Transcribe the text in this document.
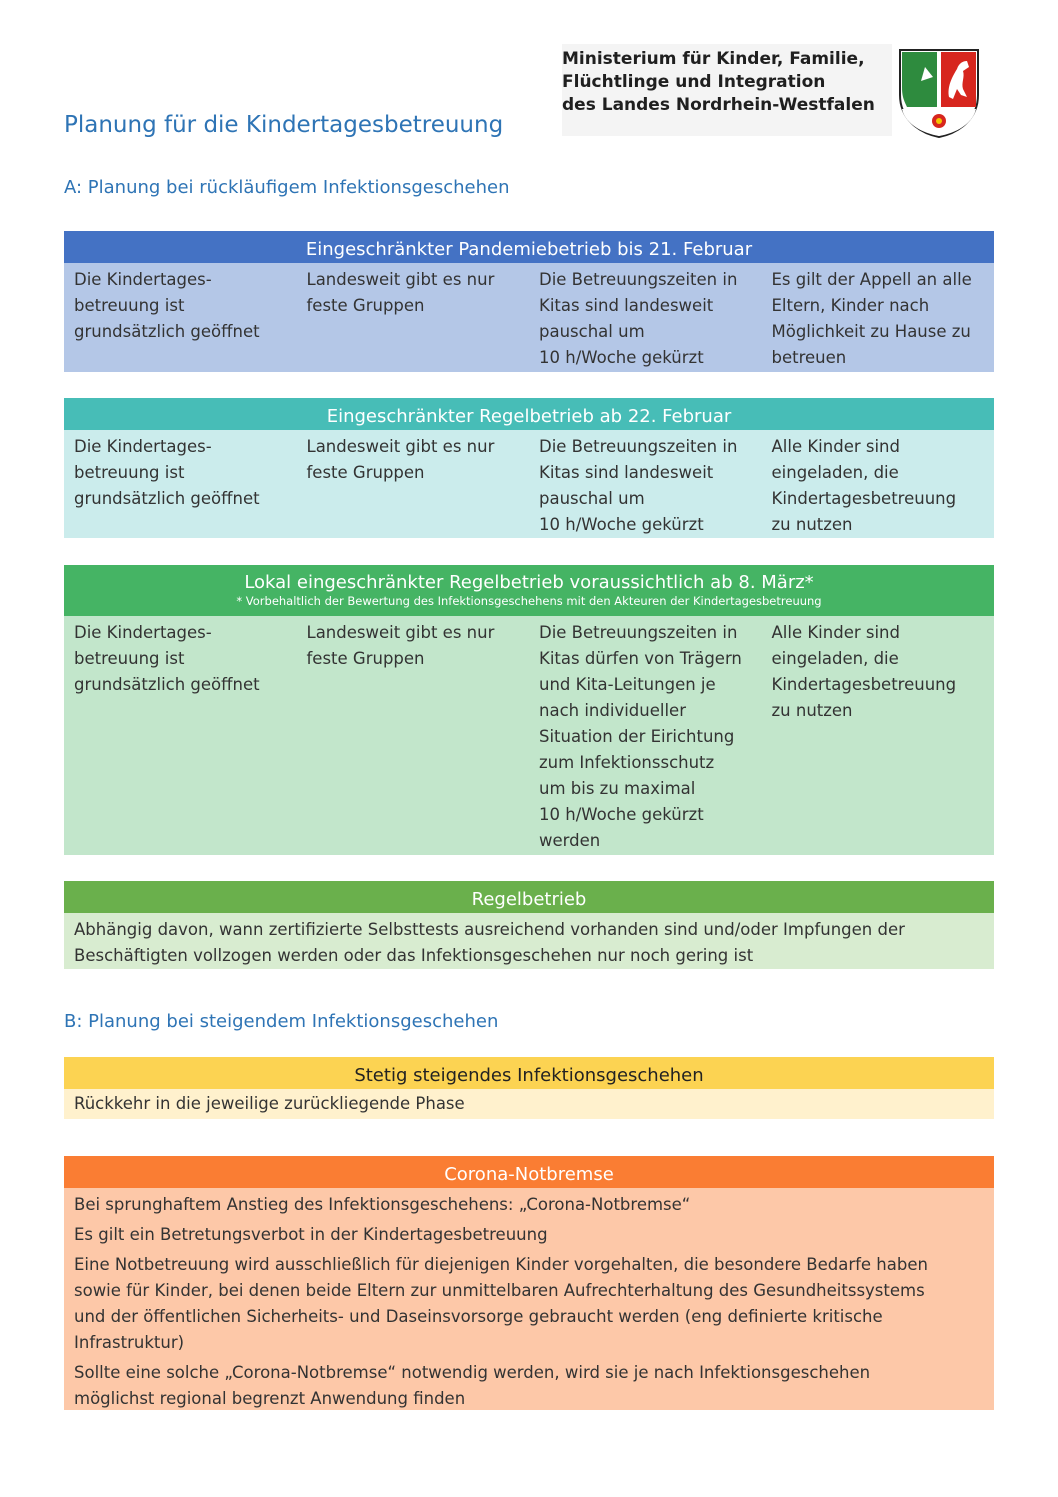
Ministerium für Kinder, Familie,
Flüchtlinge und Integration
des Landes Nordrhein-Westfalen
Planung für die Kindertagesbetreuung
A: Planung bei rückläufigem Infektionsgeschehen
Eingeschränkter Pandemiebetrieb bis 21. Februar
Die Kindertages-
betreuung ist
grundsätzlich geöffnet
Landesweit gibt es nur
feste Gruppen
Die Betreuungszeiten in
Kitas sind landesweit
pauschal um
10 h/Woche gekürzt
Es gilt der Appell an alle
Eltern, Kinder nach
Möglichkeit zu Hause zu
betreuen
Eingeschränkter Regelbetrieb ab 22. Februar
Die Kindertages-
betreuung ist
grundsätzlich geöffnet
Landesweit gibt es nur
feste Gruppen
Die Betreuungszeiten in
Kitas sind landesweit
pauschal um
10 h/Woche gekürzt
Alle Kinder sind
eingeladen, die
Kindertagesbetreuung
zu nutzen
Lokal eingeschränkter Regelbetrieb voraussichtlich ab 8. März*
* Vorbehaltlich der Bewertung des Infektionsgeschehens mit den Akteuren der Kindertagesbetreuung
Die Kindertages-
betreuung ist
grundsätzlich geöffnet
Landesweit gibt es nur
feste Gruppen
Die Betreuungszeiten in
Kitas dürfen von Trägern
und Kita-Leitungen je
nach individueller
Situation der Eirichtung
zum Infektionsschutz
um bis zu maximal
10 h/Woche gekürzt
werden
Alle Kinder sind
eingeladen, die
Kindertagesbetreuung
zu nutzen
Regelbetrieb
Abhängig davon, wann zertifizierte Selbsttests ausreichend vorhanden sind und/oder Impfungen der
Beschäftigten vollzogen werden oder das Infektionsgeschehen nur noch gering ist
B: Planung bei steigendem Infektionsgeschehen
Stetig steigendes Infektionsgeschehen
Rückkehr in die jeweilige zurückliegende Phase
Corona-Notbremse
Bei sprunghaftem Anstieg des Infektionsgeschehens: „Corona-Notbremse“
Es gilt ein Betretungsverbot in der Kindertagesbetreuung
Eine Notbetreuung wird ausschließlich für diejenigen Kinder vorgehalten, die besondere Bedarfe haben
sowie für Kinder, bei denen beide Eltern zur unmittelbaren Aufrechterhaltung des Gesundheitssystems
und der öffentlichen Sicherheits- und Daseinsvorsorge gebraucht werden (eng definierte kritische
Infrastruktur)
Sollte eine solche „Corona-Notbremse“ notwendig werden, wird sie je nach Infektionsgeschehen
möglichst regional begrenzt Anwendung finden
